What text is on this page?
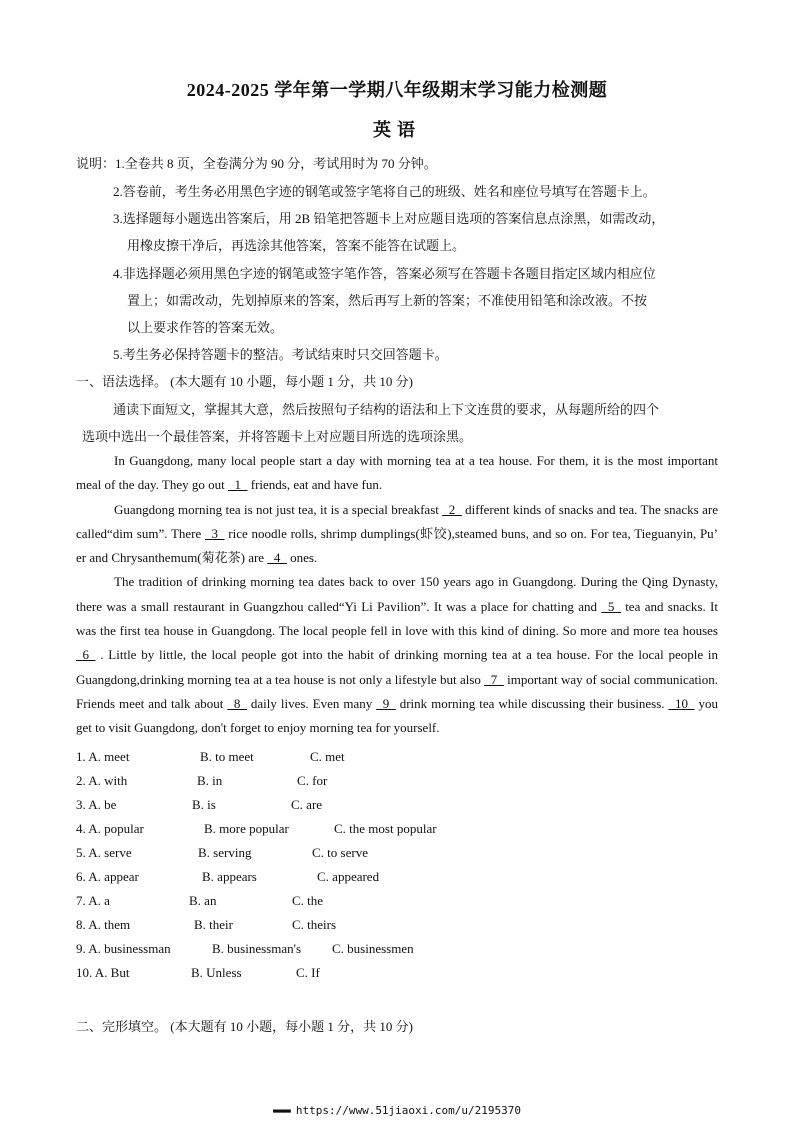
2024-2025 学年第一学期八年级期末学习能力检测题
英语
说明：1.全卷共 8 页，全卷满分为 90 分，考试用时为 70 分钟。
2.答卷前，考生务必用黑色字迹的钢笔或签字笔将自己的班级、姓名和座位号填写在答题卡上。
3.选择题每小题选出答案后，用 2B 铅笔把答题卡上对应题目选项的答案信息点涂黑，如需改动，
用橡皮擦干净后，再选涂其他答案，答案不能答在试题上。
4.非选择题必须用黑色字迹的钢笔或签字笔作答，答案必须写在答题卡各题目指定区域内相应位
置上；如需改动，先划掉原来的答案，然后再写上新的答案；不准使用铅笔和涂改液。不按
以上要求作答的答案无效。
5.考生务必保持答题卡的整洁。考试结束时只交回答题卡。
一、语法选择。 (本大题有 10 小题，每小题 1 分，共 10 分)
通读下面短文，掌握其大意，然后按照句子结构的语法和上下文连贯的要求，从每题所给的四个
选项中选出一个最佳答案，并将答题卡上对应题目所选的选项涂黑。

In Guangdong, many local people start a day with morning tea at a tea house. For them, it is the most important meal of the day. They go out _1_ friends, eat and have fun.

Guangdong morning tea is not just tea, it is a special breakfast _2_ different kinds of snacks and tea. The snacks are called“dim sum”. There _3_ rice noodle rolls, shrimp dumplings(虾饺),steamed buns, and so on. For tea, Tieguanyin, Pu’ er and Chrysanthemum(菊花茶) are _4_ ones.

The tradition of drinking morning tea dates back to over 150 years ago in Guangdong. During the Qing Dynasty, there was a small restaurant in Guangzhou called“Yi Li Pavilion”. It was a place for chatting and _5_ tea and snacks. It was the first tea house in Guangdong. The local people fell in love with this kind of dining. So more and more tea houses _6_ . Little by little, the local people got into the habit of drinking morning tea at a tea house. For the local people in Guangdong,drinking morning tea at a tea house is not only a lifestyle but also _7_ important way of social communication. Friends meet and talk about _8_ daily lives. Even many _9_ drink morning tea while discussing their business. _10_ you get to visit Guangdong, don't forget to enjoy morning tea for yourself.

1. A. meet	B. to meet	C. met
2. A. with	B. in	C. for
3. A. be	B. is	C. are
4. A. popular	B. more popular	C. the most popular
5. A. serve	B. serving	C. to serve
6. A. appear	B. appears	C. appeared
7. A. a	B. an	C. the
8. A. them	B. their	C. theirs
9. A. businessman	B. businessman's C. businessmen
10. A. But	B. Unless	C. If
二、完形填空。 (本大题有 10 小题，每小题 1 分，共 10 分)
▬▬▬ https://www.51jiaoxi.com/u/2195370
